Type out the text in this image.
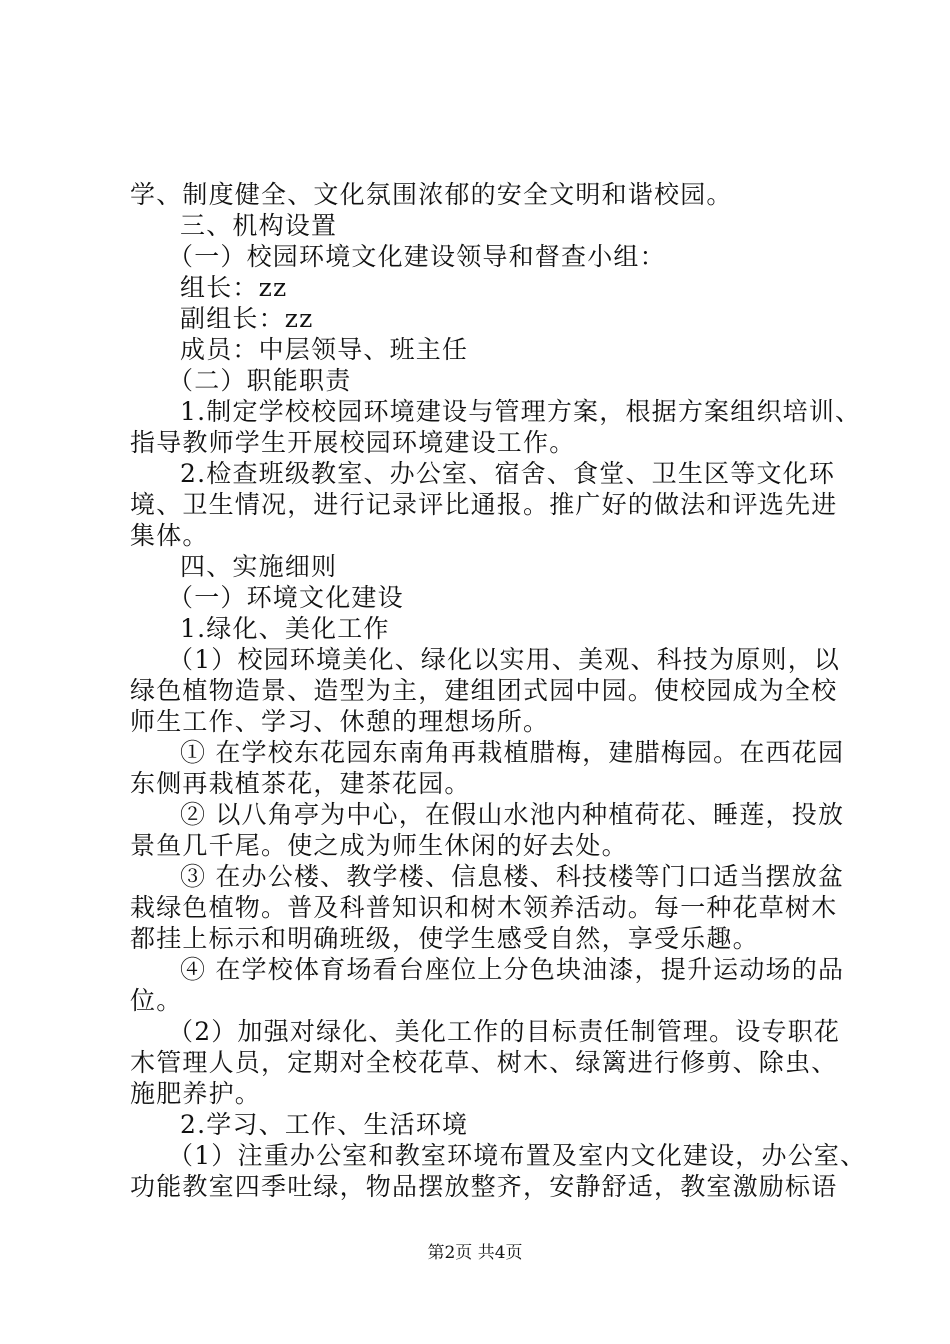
学、制度健全、文化氛围浓郁的安全文明和谐校园。
三、机构设置
（一）校园环境文化建设领导和督查小组：
组长：zz
副组长：zz
成员：中层领导、班主任
（二）职能职责
1.制定学校校园环境建设与管理方案，根据方案组织培训、
指导教师学生开展校园环境建设工作。
2.检查班级教室、办公室、宿舍、食堂、卫生区等文化环
境、卫生情况，进行记录评比通报。推广好的做法和评选先进
集体。
四、实施细则
（一）环境文化建设
1.绿化、美化工作
（1）校园环境美化、绿化以实用、美观、科技为原则，以
绿色植物造景、造型为主，建组团式园中园。使校园成为全校
师生工作、学习、休憩的理想场所。
① 在学校东花园东南角再栽植腊梅，建腊梅园。在西花园
东侧再栽植茶花，建茶花园。
② 以八角亭为中心，在假山水池内种植荷花、睡莲，投放
景鱼几千尾。使之成为师生休闲的好去处。
③ 在办公楼、教学楼、信息楼、科技楼等门口适当摆放盆
栽绿色植物。普及科普知识和树木领养活动。每一种花草树木
都挂上标示和明确班级，使学生感受自然，享受乐趣。
④ 在学校体育场看台座位上分色块油漆，提升运动场的品
位。
（2）加强对绿化、美化工作的目标责任制管理。设专职花
木管理人员，定期对全校花草、树木、绿篱进行修剪、除虫、
施肥养护。
2.学习、工作、生活环境
（1）注重办公室和教室环境布置及室内文化建设，办公室、
功能教室四季吐绿，物品摆放整齐，安静舒适，教室激励标语
第2页 共4页
